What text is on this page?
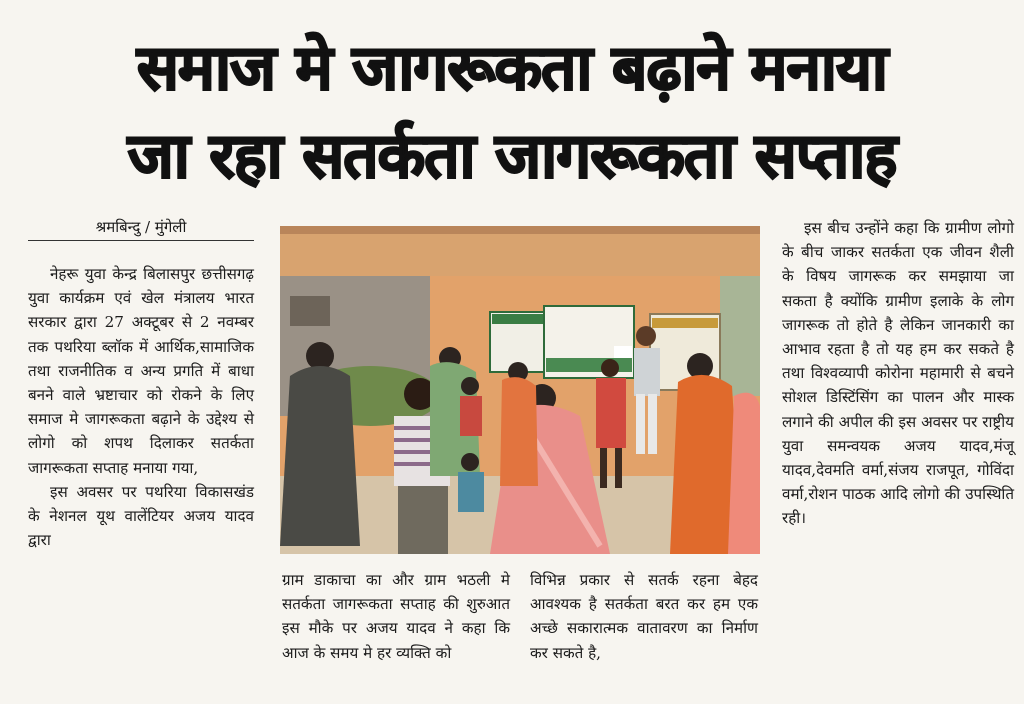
समाज मे जागरूकता बढ़ाने मनाया
जा रहा सतर्कता जागरूकता सप्ताह
श्रमबिन्दु / मुंगेली

नेहरू युवा केन्द्र बिलासपुर छत्तीसगढ़ युवा कार्यक्रम एवं खेल मंत्रालय भारत सरकार द्वारा 27 अक्टूबर से 2 नवम्बर तक पथरिया ब्लॉक में आर्थिक,सामाजिक तथा राजनीतिक व अन्य प्रगति में बाधा बनने वाले भ्रष्टाचार को रोकने के लिए समाज मे जागरूकता बढ़ाने के उद्देश्य से लोगो को शपथ दिलाकर सतर्कता जागरूकता सप्ताह मनाया गया,

इस अवसर पर पथरिया विकासखंड के नेशनल यूथ वालेंटियर अजय यादव द्वारा

ग्राम डाकाचा का और ग्राम भठली मे सतर्कता जागरूकता सप्ताह की शुरुआत इस मौके पर अजय यादव ने कहा कि आज के समय मे हर व्यक्ति को

विभिन्न प्रकार से सतर्क रहना बेहद आवश्यक है सतर्कता बरत कर हम एक अच्छे सकारात्मक वातावरण का निर्माण कर सकते है,

इस बीच उन्होंने कहा कि ग्रामीण लोगो के बीच जाकर सतर्कता एक जीवन शैली के विषय जागरूक कर समझाया जा सकता है क्योंकि ग्रामीण इलाके के लोग जागरूक तो होते है लेकिन जानकारी का आभाव रहता है तो यह हम कर सकते है तथा विश्वव्यापी कोरोना महामारी से बचने सोशल डिस्टिंसिंग का पालन और मास्क लगाने की अपील की इस अवसर पर राष्ट्रीय युवा समन्वयक अजय यादव,मंजू यादव,देवमति वर्मा,संजय राजपूत, गोविंदा वर्मा,रोशन पाठक आदि लोगो की उपस्थिति रही।
